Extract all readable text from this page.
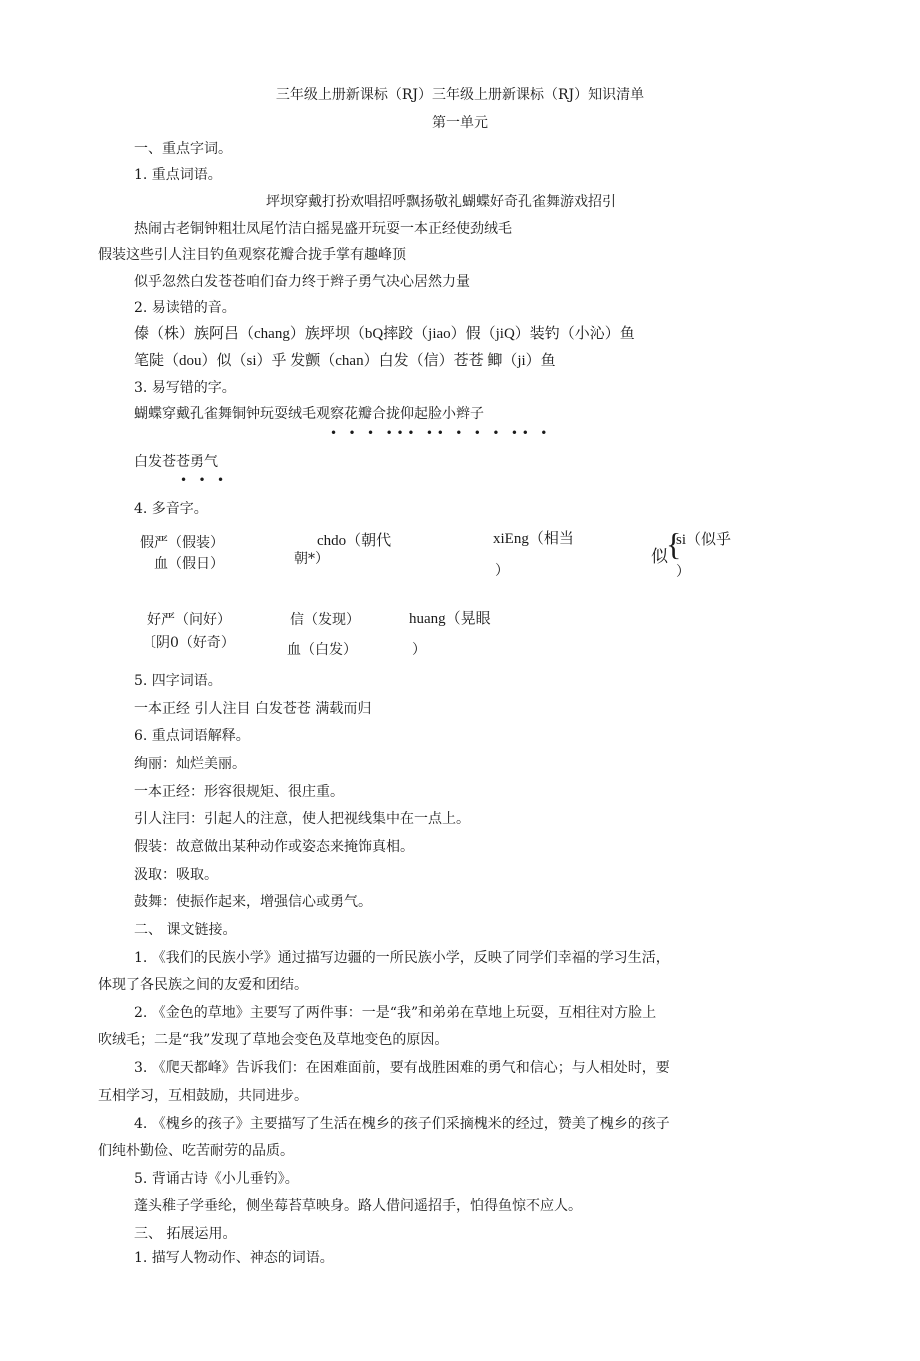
三年级上册新课标（RJ）三年级上册新课标（RJ）知识清单
第一单元
一、重点字词。
1. 重点词语。
坪坝穿戴打扮欢唱招呼飘扬敬礼蝴蝶好奇孔雀舞游戏招引
热闹古老铜钟粗壮凤尾竹洁白摇晃盛开玩耍一本正经使劲绒毛
假装这些引人注目钓鱼观察花瓣合拢手掌有趣峰顶
似乎忽然白发苍苍咱们奋力终于辫子勇气决心居然力量
2. 易读错的音。
傣（株）族阿吕（chang）族坪坝（bQ摔跤（jiao）假（jiQ）装钓（小沁）鱼
笔陡（dou）似（si）乎 发颤（chan）白发（信）苍苍 鲫（ji）鱼
3. 易写错的字。
蝴蝶穿戴孔雀舞铜钟玩耍绒毛观察花瓣合拢仰起脸小辫子
•   •   •   • • •   • •   •   •   •   • •   •
白发苍苍勇气
•   •   •
4. 多音字。
假严（假装）
血（假日）
chdo（朝代
朝*）
xiEng（相当
）
似
{
si（似乎
）
好严（问好）
〔阴0（好奇）
信（发现）
血（白发）
huang（晃眼
）
5. 四字词语。
一本正经 引人注目 白发苍苍 满载而归
6. 重点词语解释。
绚丽：灿烂美丽。
一本正经：形容很规矩、很庄重。
引人注冃：引起人的注意，使人把视线集中在一点上。
假装：故意做出某种动作或姿态来掩饰真相。
汲取：吸取。
鼓舞：使振作起来，增强信心或勇气。
二、 课文链接。
1. 《我们的民族小学》通过描写边疆的一所民族小学，反映了同学们幸福的学习生活，
体现了各民族之间的友爱和团结。
2. 《金色的草地》主要写了两件事：一是“我”和弟弟在草地上玩耍，互相往对方脸上
吹绒毛；二是“我”发现了草地会变色及草地变色的原因。
3. 《爬天都峰》告诉我们：在困难面前，要有战胜困难的勇气和信心；与人相处时，要
互相学习，互相鼓励，共同进步。
4. 《槐乡的孩子》主要描写了生活在槐乡的孩子们采摘槐米的经过，赞美了槐乡的孩子
们纯朴勤俭、吃苦耐劳的品质。
5. 背诵古诗《小儿垂钓》。
蓬头稚子学垂纶，侧坐莓苔草映身。路人借问遥招手，怕得鱼惊不应人。
三、 拓展运用。
1. 描写人物动作、神态的词语。
